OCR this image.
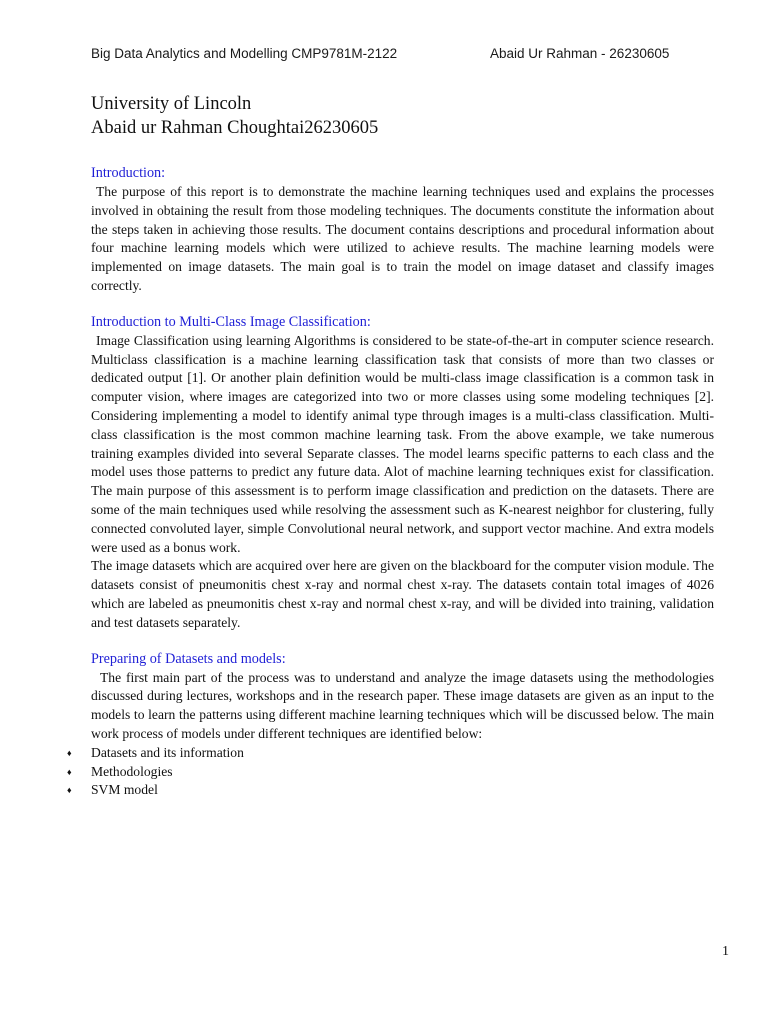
Big Data Analytics and Modelling CMP9781M-2122	Abaid Ur Rahman - 26230605
University of Lincoln
Abaid ur Rahman Choughtai26230605
Introduction:

The purpose of this report is to demonstrate the machine learning techniques used and explains the processes involved in obtaining the result from those modeling techniques. The documents constitute the information about the steps taken in achieving those results. The document contains descriptions and procedural information about four machine learning models which were utilized to achieve results. The machine learning models were implemented on image datasets. The main goal is to train the model on image dataset and classify images correctly.

Introduction to Multi-Class Image Classification:

Image Classification using learning Algorithms is considered to be state-of-the-art in computer science research. Multiclass classification is a machine learning classification task that consists of more than two classes or dedicated output [1]. Or another plain definition would be multi-class image classification is a common task in computer vision, where images are categorized into two or more classes using some modeling techniques [2]. Considering implementing a model to identify animal type through images is a multi-class classification. Multi-class classification is the most common machine learning task. From the above example, we take numerous training examples divided into several Separate classes. The model learns specific patterns to each class and the model uses those patterns to predict any future data. Alot of machine learning techniques exist for classification. The main purpose of this assessment is to perform image classification and prediction on the datasets. There are some of the main techniques used while resolving the assessment such as K-nearest neighbor for clustering, fully connected convoluted layer, simple Convolutional neural network, and support vector machine. And extra models were used as a bonus work.

The image datasets which are acquired over here are given on the blackboard for the computer vision module. The datasets consist of pneumonitis chest x-ray and normal chest x-ray. The datasets contain total images of 4026 which are labeled as pneumonitis chest x-ray and normal chest x-ray, and will be divided into training, validation and test datasets separately.

Preparing of Datasets and models:

The first main part of the process was to understand and analyze the image datasets using the methodologies discussed during lectures, workshops and in the research paper. These image datasets are given as an input to the models to learn the patterns using different machine learning techniques which will be discussed below. The main work process of models under different techniques are identified below:

♦ Datasets and its information
♦ Methodologies
♦ SVM model
1
